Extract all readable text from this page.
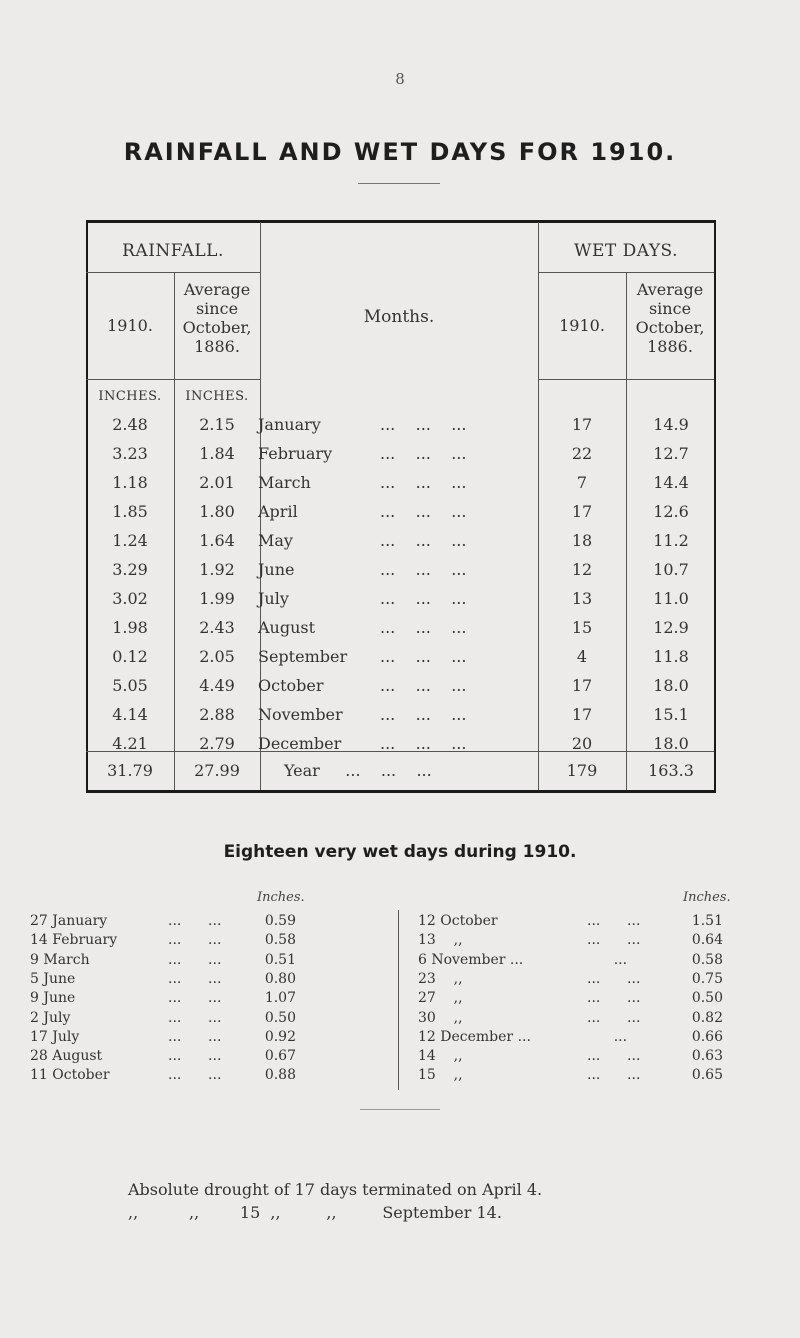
8
RAINFALL AND WET DAYS FOR 1910.
RAINFALL.	WET DAYS.
Months.
1910.
Average
since
October,
1886.
1910.
Average
since
October,
1886.
INCHES.	INCHES.
2.48	2.15	January	...    ...    ...	17	14.9
3.23	1.84	February	...    ...    ...	22	12.7
1.18	2.01	March	...    ...    ...	7	14.4
1.85	1.80	April	...    ...    ...	17	12.6
1.24	1.64	May	...    ...    ...	18	11.2
3.29	1.92	June	...    ...    ...	12	10.7
3.02	1.99	July	...    ...    ...	13	11.0
1.98	2.43	August	...    ...    ...	15	12.9
0.12	2.05	September ...    ...    ...	4	11.8
5.05	4.49	October	...    ...    ...	17	18.0
4.14	2.88	November ...    ...    ...	17	15.1
4.21	2.79	December ...    ...    ...	20	18.0
31.79	27.99	Year ...    ...    ...	179	163.3
Eighteen very wet days during 1910.
Inches.	Inches.
27 January	...      ...	0.59
14 February	...      ...	0.58
9 March	...      ...	0.51
5 June	...      ...	0.80
9 June	...      ...	1.07
2 July	...      ...	0.50
17 July	...      ...	0.92
28 August	...      ...	0.67
11 October	...      ...	0.88
12 October	...      ...	1.51
13    ,,	...      ...	0.64
6 November ...	...	0.58
23    ,,	...      ...	0.75
27    ,,	...      ...	0.50
30    ,,	...      ...	0.82
12 December ...	...	0.66
14    ,,	...      ...	0.63
15    ,,	...      ...	0.65
Absolute drought of 17 days terminated on April 4.
,,          ,,        15  ,,         ,,         September 14.
